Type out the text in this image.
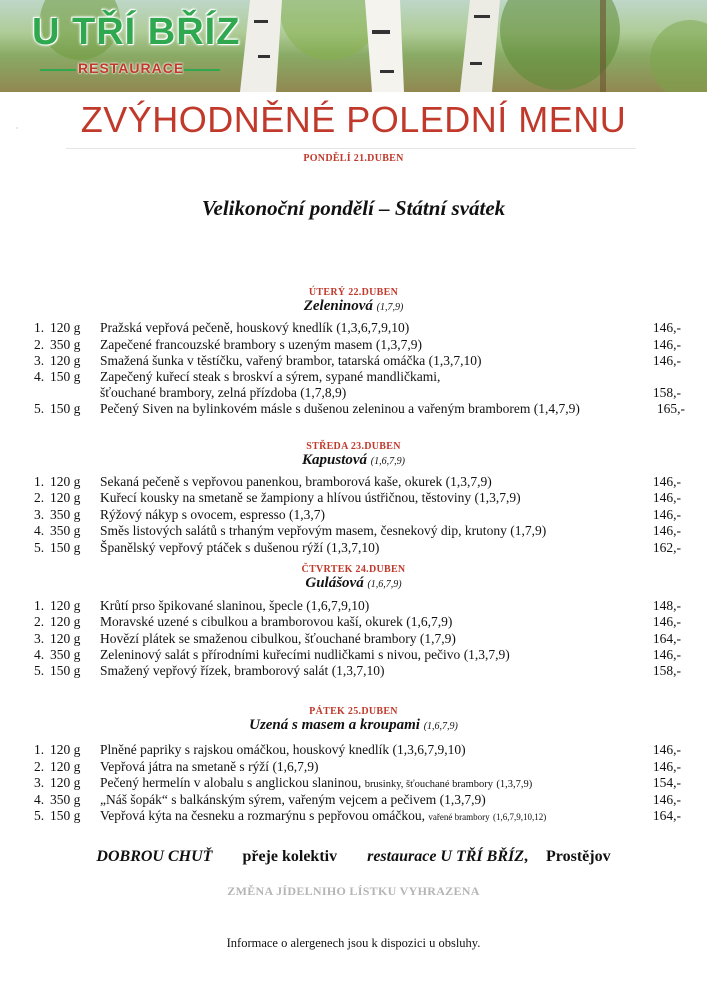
U TŘÍ BŘÍZ
RESTAURACE
"	ZVÝHODNĚNÉ POLEDNÍ MENU
PONDĚLÍ 21.DUBEN
Velikonoční pondělí – Státní svátek
ÚTERÝ 22.DUBEN
Zeleninová (1,7,9)
1. 120 g	Pražská vepřová pečeně, houskový knedlík (1,3,6,7,9,10)	146,-
2. 350 g	Zapečené francouzské brambory s uzeným masem (1,3,7,9)	146,-
3. 120 g	Smažená šunka v těstíčku, vařený brambor, tatarská omáčka (1,3,7,10)	146,-
4. 150 g	Zapečený kuřecí steak s broskví a sýrem, sypané mandličkami,
šťouchané brambory, zelná přízdoba (1,7,8,9)	158,-
5. 150 g	Pečený Siven na bylinkovém másle s dušenou zeleninou a vařeným bramborem (1,4,7,9)	165,-
STŘEDA 23.DUBEN
Kapustová (1,6,7,9)
1. 120 g	Sekaná pečeně s vepřovou panenkou, bramborová kaše, okurek (1,3,7,9)	146,-
2. 120 g	Kuřecí kousky na smetaně se žampiony a hlívou ústřičnou, těstoviny (1,3,7,9)	146,-
3. 350 g	Rýžový nákyp s ovocem, espresso (1,3,7)	146,-
4. 350 g	Směs listových salátů s trhaným vepřovým masem, česnekový dip, krutony (1,7,9)	146,-
5. 150 g	Španělský vepřový ptáček s dušenou rýží (1,3,7,10)	162,-
ČTVRTEK 24.DUBEN
Gulášová (1,6,7,9)
1. 120 g	Krůtí prso špikované slaninou, špecle (1,6,7,9,10)	148,-
2. 120 g	Moravské uzené s cibulkou a bramborovou kaší, okurek (1,6,7,9)	146,-
3. 120 g	Hovězí plátek se smaženou cibulkou, šťouchané brambory (1,7,9)	164,-
4. 350 g	Zeleninový salát s přírodními kuřecími nudličkami s nivou, pečivo (1,3,7,9)	146,-
5. 150 g	Smažený vepřový řízek, bramborový salát (1,3,7,10)	158,-
PÁTEK 25.DUBEN
Uzená s masem a kroupami (1,6,7,9)
1. 120 g	Plněné papriky s rajskou omáčkou, houskový knedlík (1,3,6,7,9,10)	146,-
2. 120 g	Vepřová játra na smetaně s rýží (1,6,7,9)	146,-
3. 120 g	Pečený hermelín v alobalu s anglickou slaninou, brusinky, šťouchané brambory (1,3,7,9)	154,-
4. 350 g	„Náš šopák“ s balkánským sýrem, vařeným vejcem a pečivem (1,3,7,9)	146,-
5. 150 g	Vepřová kýta na česneku a rozmarýnu s pepřovou omáčkou, vařené brambory (1,6,7,9,10,12)	164,-
DOBROU CHUŤ přeje kolektiv restaurace U TŘÍ BŘÍZ, Prostějov
ZMĚNA JÍDELNIHO LÍSTKU VYHRAZENA
Informace o alergenech jsou k dispozici u obsluhy.
